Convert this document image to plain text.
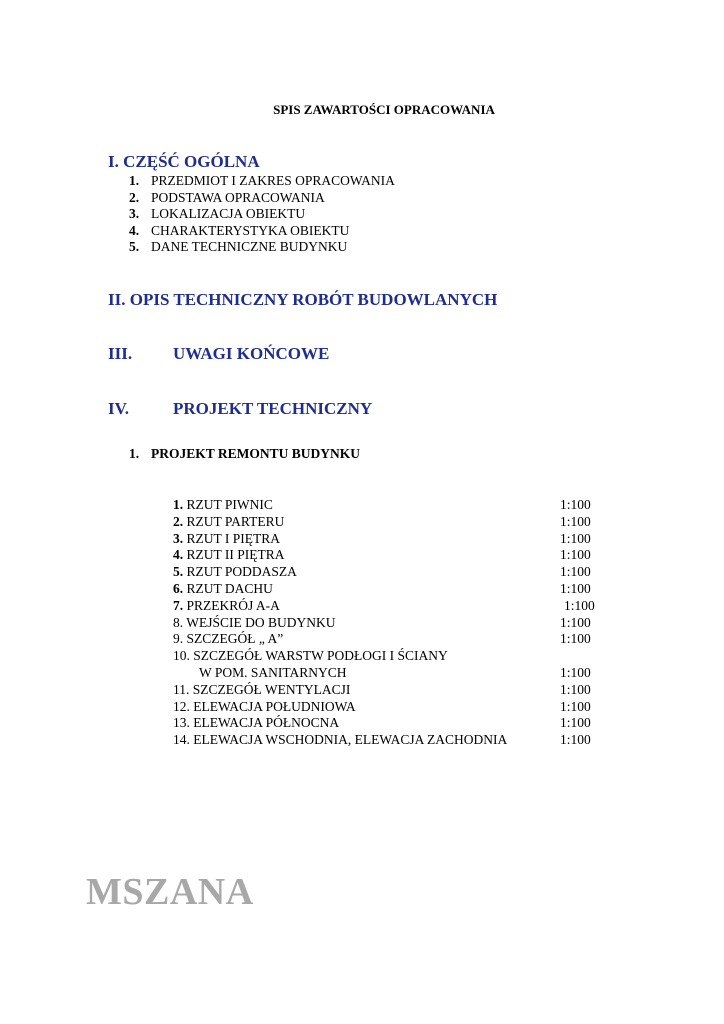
SPIS ZAWARTOŚCI OPRACOWANIA
I. CZĘŚĆ OGÓLNA
1. PRZEDMIOT I ZAKRES OPRACOWANIA
2. PODSTAWA OPRACOWANIA
3. LOKALIZACJA OBIEKTU
4. CHARAKTERYSTYKA OBIEKTU
5. DANE TECHNICZNE BUDYNKU
II. OPIS TECHNICZNY ROBÓT BUDOWLANYCH
III. UWAGI KOŃCOWE
IV.	PROJEKT TECHNICZNY
1. PROJEKT REMONTU BUDYNKU
1. RZUT PIWNIC	1:100
2. RZUT PARTERU	1:100
3. RZUT I PIĘTRA	1:100
4. RZUT II PIĘTRA	1:100
5. RZUT PODDASZA	1:100
6. RZUT DACHU	1:100
7. PRZEKRÓJ A-A	1:100
8. WEJŚCIE DO BUDYNKU	1:100
9. SZCZEGÓŁ „ A”	1:100
10. SZCZEGÓŁ WARSTW PODŁOGI I ŚCIANY
W POM. SANITARNYCH	1:100
11. SZCZEGÓŁ WENTYLACJI	1:100
12. ELEWACJA POŁUDNIOWA	1:100
13. ELEWACJA PÓŁNOCNA	1:100
14. ELEWACJA WSCHODNIA, ELEWACJA ZACHODNIA	1:100
MSZANA
